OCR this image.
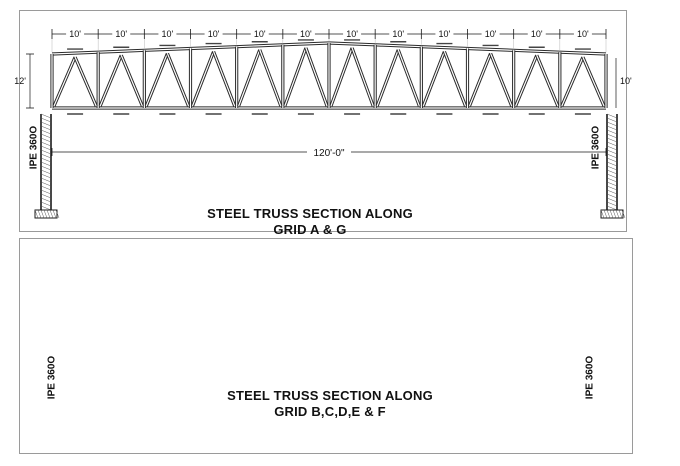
10'	10'	10'	10'	10'	10'	10'	10'	10'	10'	10'	10'
120'-0"
12'	10'
IPE 360O	IPE 360O
STEEL TRUSS SECTION ALONG
GRID A & G
IPE 360O	IPE 360O
STEEL TRUSS SECTION ALONG
GRID B,C,D,E & F
